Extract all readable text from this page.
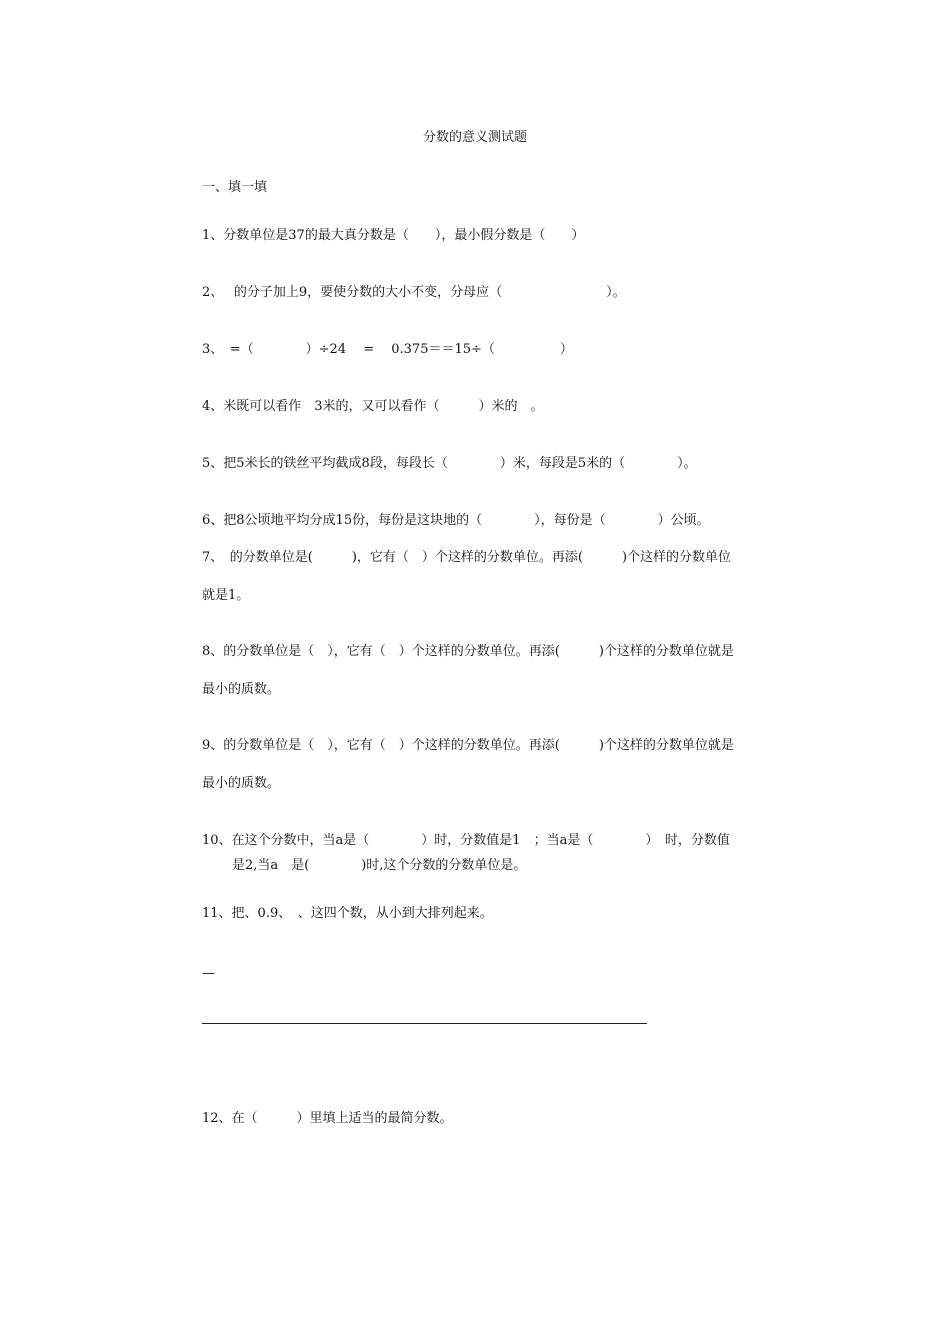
分数的意义测试题
一、填一填
1、分数单位是37的最大真分数是（　　），最小假分数是（　　）
2、　 的分子加上9，要使分数的大小不变，分母应（　　　　　　　　）。
3、　=（　　　　）÷24　 =　 0.375＝＝15÷（　　　　　）
4、米既可以看作　3米的，又可以看作（　　　）米的　。
5、把5米长的铁丝平均截成8段，每段长（　　　　）米，每段是5米的（　　　　）。
6、把8公顷地平均分成15份，每份是这块地的（　　　　），每份是（　　　　）公顷。
7、　的分数单位是(　　　)，它有（　）个这样的分数单位。再添(　　　)个这样的分数单位
就是1。
8、的分数单位是（　），它有（　）个这样的分数单位。再添(　　　)个这样的分数单位就是
最小的质数。
9、的分数单位是（　），它有（　）个这样的分数单位。再添(　　　)个这样的分数单位就是
最小的质数。
10、在这个分数中，当a是（　　　　）时，分数值是1　；当a是（　　　　）　时，分数值
是2,当a　是(　　　　)时,这个分数的分数单位是。
11、把、0.9、　、这四个数，从小到大排列起来。
—
12、在（　　　）里填上适当的最简分数。
